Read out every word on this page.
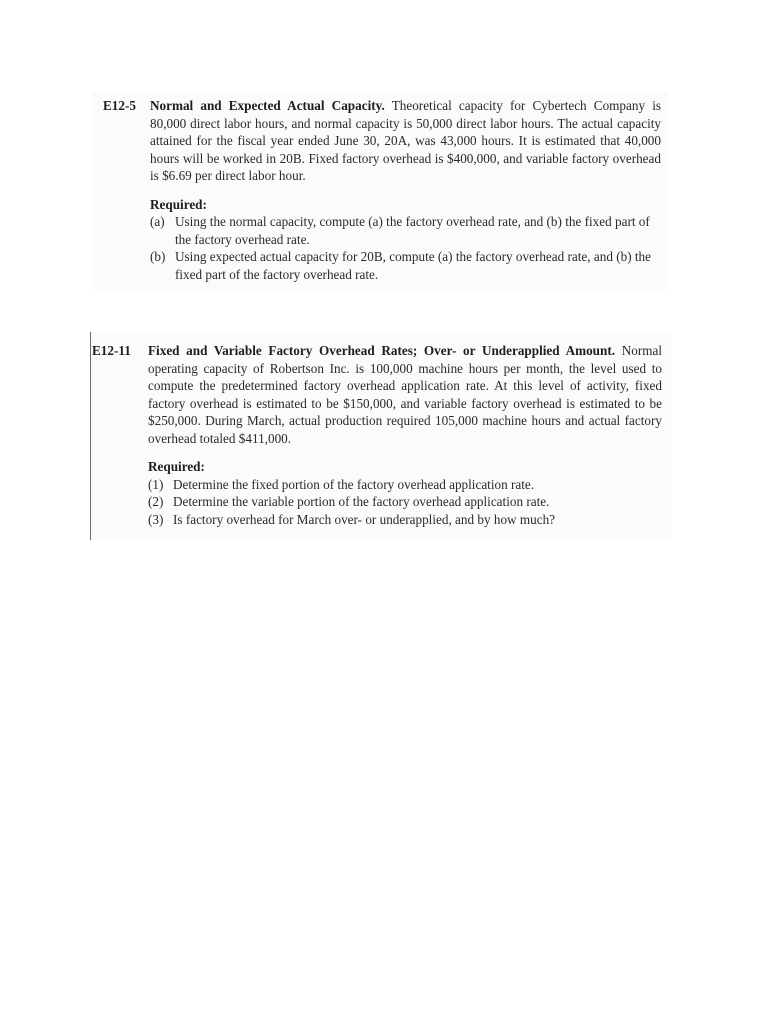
E12-5 Normal and Expected Actual Capacity. Theoretical capacity for Cybertech Company is 80,000 direct labor hours, and normal capacity is 50,000 direct labor hours. The actual capacity attained for the fiscal year ended June 30, 20A, was 43,000 hours. It is estimated that 40,000 hours will be worked in 20B. Fixed factory overhead is $400,000, and variable factory overhead is $6.69 per direct labor hour.
Required:
(a) Using the normal capacity, compute (a) the factory overhead rate, and (b) the fixed part of the factory overhead rate.
(b) Using expected actual capacity for 20B, compute (a) the factory overhead rate, and (b) the fixed part of the factory overhead rate.
E12-11 Fixed and Variable Factory Overhead Rates; Over- or Underapplied Amount. Normal operating capacity of Robertson Inc. is 100,000 machine hours per month, the level used to compute the predetermined factory overhead application rate. At this level of activity, fixed factory overhead is estimated to be $150,000, and variable factory overhead is estimated to be $250,000. During March, actual production required 105,000 machine hours and actual factory overhead totaled $411,000.
Required:
(1) Determine the fixed portion of the factory overhead application rate.
(2) Determine the variable portion of the factory overhead application rate.
(3) Is factory overhead for March over- or underapplied, and by how much?
